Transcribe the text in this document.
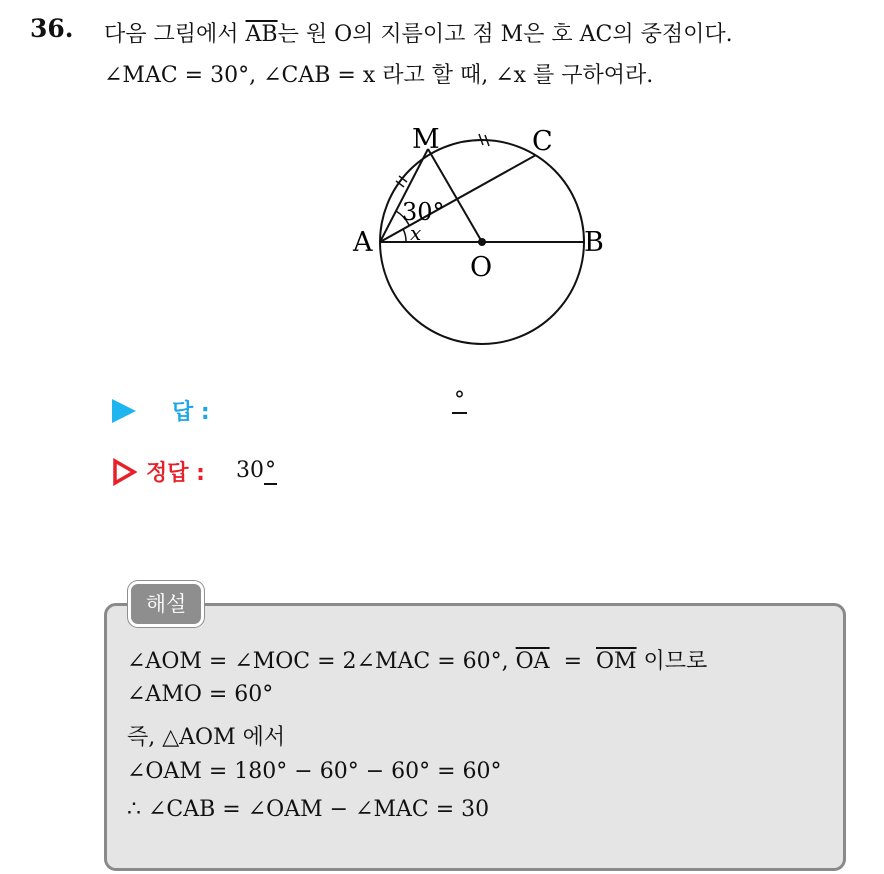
36. 다음 그림에서 $\overline{AB}$는 원 O의 지름이고 점 M은 호 AC의 중점이다.
∠MAC = 30°, ∠CAB = x 라고 할 때, ∠x 를 구하여라.
M	C
A	B
O
30°
x
답 :	°
정답 : 30°
해설
∠AOM = ∠MOC = 2∠MAC = 60°, $\overline{OA} = \overline{OM}$ 이므로
∠AMO = 60°
즉, △AOM 에서
∠OAM = 180° − 60° − 60° = 60°
∴ ∠CAB = ∠OAM − ∠MAC = 30
